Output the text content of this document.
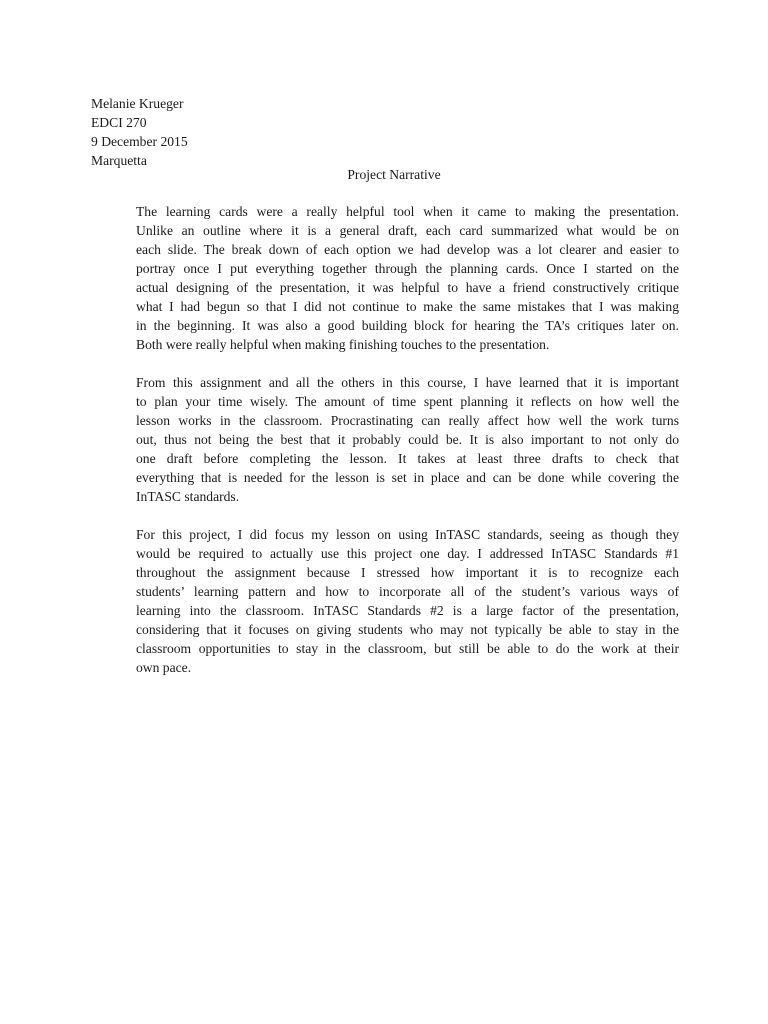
Melanie Krueger
EDCI 270
9 December 2015
Marquetta
Project Narrative

The learning cards were a really helpful tool when it came to making the presentation.
Unlike an outline where it is a general draft, each card summarized what would be on
each slide. The break down of each option we had develop was a lot clearer and easier to
portray once I put everything together through the planning cards. Once I started on the
actual designing of the presentation, it was helpful to have a friend constructively critique
what I had begun so that I did not continue to make the same mistakes that I was making
in the beginning. It was also a good building block for hearing the TA’s critiques later on.
Both were really helpful when making finishing touches to the presentation.

From this assignment and all the others in this course, I have learned that it is important
to plan your time wisely. The amount of time spent planning it reflects on how well the
lesson works in the classroom. Procrastinating can really affect how well the work turns
out, thus not being the best that it probably could be. It is also important to not only do
one draft before completing the lesson. It takes at least three drafts to check that
everything that is needed for the lesson is set in place and can be done while covering the
InTASC standards.

For this project, I did focus my lesson on using InTASC standards, seeing as though they
would be required to actually use this project one day. I addressed InTASC Standards #1
throughout the assignment because I stressed how important it is to recognize each
students’ learning pattern and how to incorporate all of the student’s various ways of
learning into the classroom. InTASC Standards #2 is a large factor of the presentation,
considering that it focuses on giving students who may not typically be able to stay in the
classroom opportunities to stay in the classroom, but still be able to do the work at their
own pace.
